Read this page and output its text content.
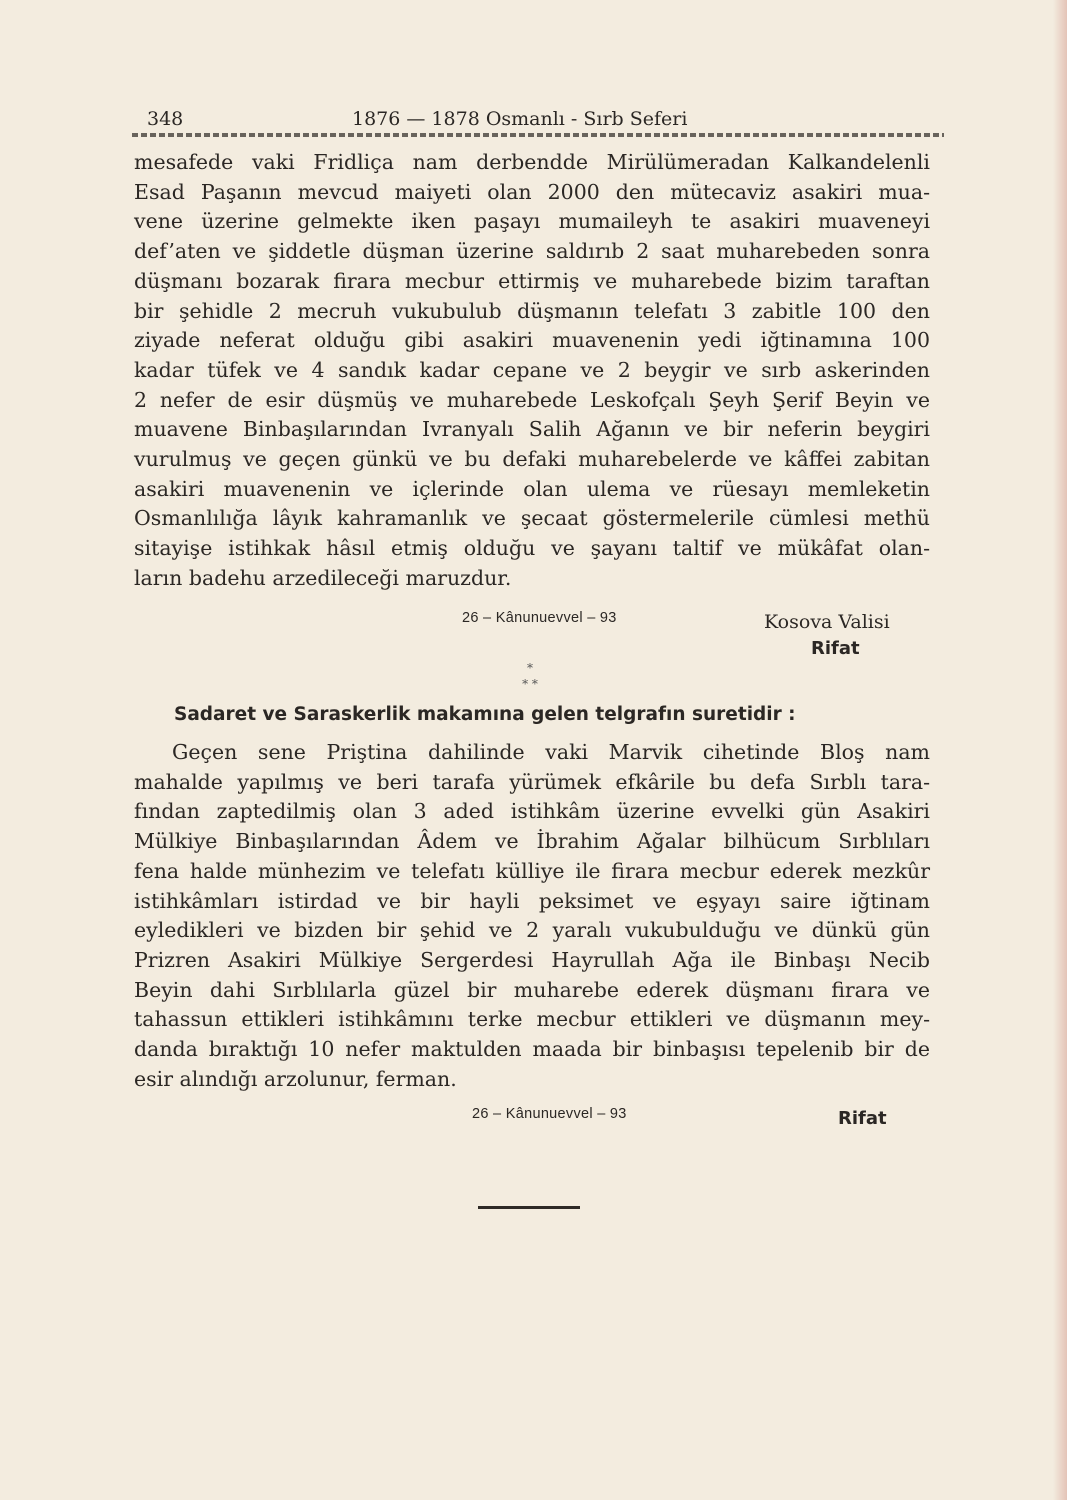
348	1876 — 1878 Osmanlı - Sırb Seferi
mesafede vaki Fridliça nam derbendde Mirülümeradan Kalkandelenli
Esad Paşanın mevcud maiyeti olan 2000 den mütecaviz asakiri mua-
vene üzerine gelmekte iken paşayı mumaileyh te asakiri muaveneyi
def’aten ve şiddetle düşman üzerine saldırıb 2 saat muharebeden sonra
düşmanı bozarak firara mecbur ettirmiş ve muharebede bizim taraftan
bir şehidle 2 mecruh vukubulub düşmanın telefatı 3 zabitle 100 den
ziyade neferat olduğu gibi asakiri muavenenin yedi iğtinamına 100
kadar tüfek ve 4 sandık kadar cepane ve 2 beygir ve sırb askerinden
2 nefer de esir düşmüş ve muharebede Leskofçalı Şeyh Şerif Beyin ve
muavene Binbaşılarından Ivranyalı Salih Ağanın ve bir neferin beygiri
vurulmuş ve geçen günkü ve bu defaki muharebelerde ve kâffei zabitan
asakiri muavenenin ve içlerinde olan ulema ve rüesayı memleketin
Osmanlılığa lâyık kahramanlık ve şecaat göstermelerile cümlesi methü
sitayişe istihkak hâsıl etmiş olduğu ve şayanı taltif ve mükâfat olan-
ların badehu arzedileceği maruzdur.
26 – Kânunuevvel – 93	Kosova Valisi
Rifat
*
* *
Sadaret ve Saraskerlik makamına gelen telgrafın suretidir :
Geçen sene Priştina dahilinde vaki Marvik cihetinde Bloş nam
mahalde yapılmış ve beri tarafa yürümek efkârile bu defa Sırblı tara-
fından zaptedilmiş olan 3 aded istihkâm üzerine evvelki gün Asakiri
Mülkiye Binbaşılarından Âdem ve İbrahim Ağalar bilhücum Sırblıları
fena halde münhezim ve telefatı külliye ile firara mecbur ederek mezkûr
istihkâmları istirdad ve bir hayli peksimet ve eşyayı saire iğtinam
eyledikleri ve bizden bir şehid ve 2 yaralı vukubulduğu ve dünkü gün
Prizren Asakiri Mülkiye Sergerdesi Hayrullah Ağa ile Binbaşı Necib
Beyin dahi Sırblılarla güzel bir muharebe ederek düşmanı firara ve
tahassun ettikleri istihkâmını terke mecbur ettikleri ve düşmanın mey-
danda bıraktığı 10 nefer maktulden maada bir binbaşısı tepelenib bir de
esir alındığı arzolunur, ferman.
26 – Kânunuevvel – 93	Rifat
